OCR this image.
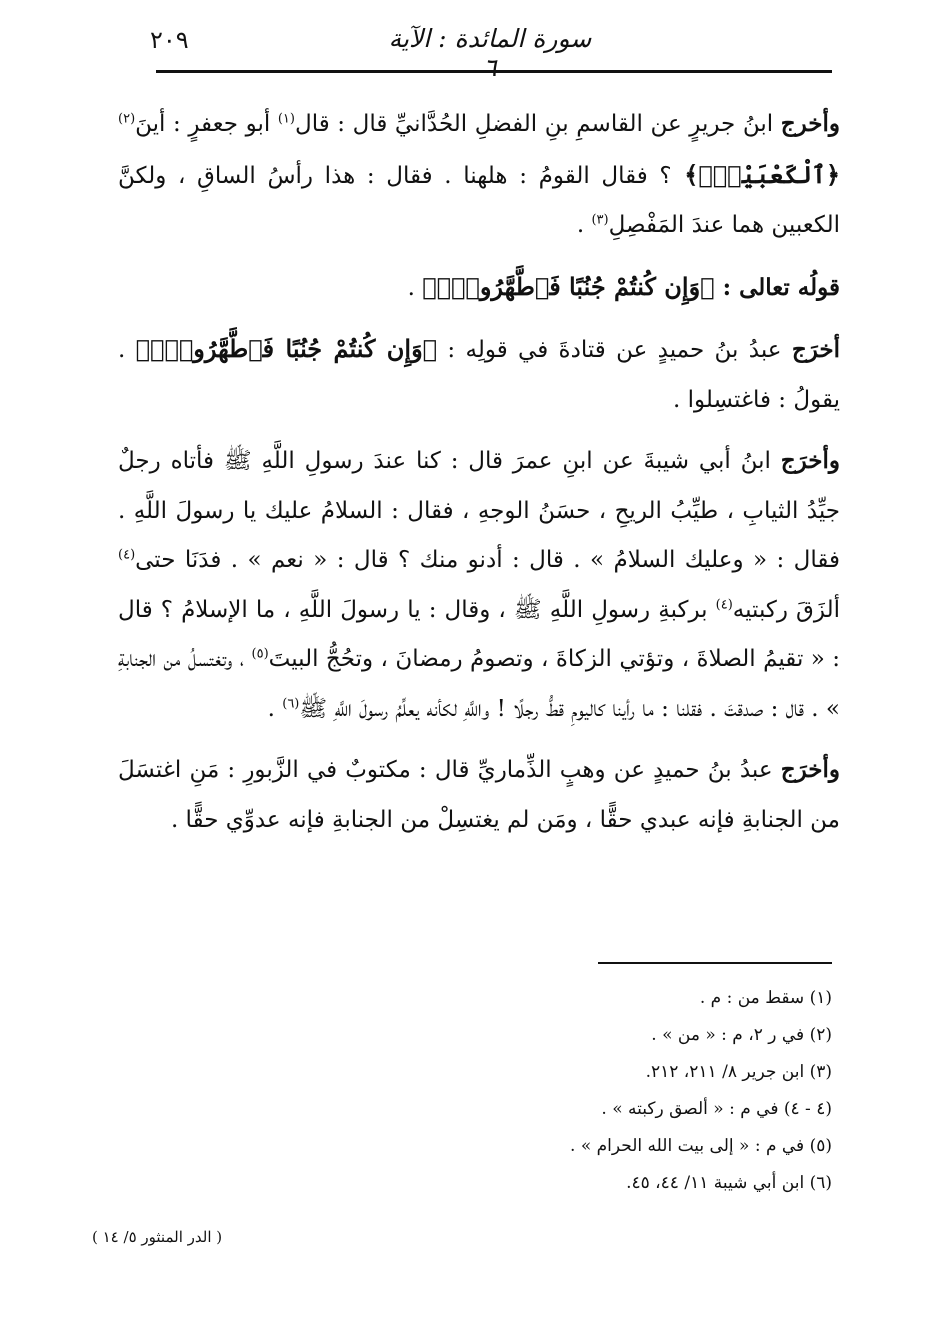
سورة المائدة : الآية ٦
٢٠٩

وأخرج ابنُ جريرٍ عن القاسمِ بنِ الفضلِ الحُدَّانيِّ قال : قال$^{(١)}$ أبو جعفرٍ : أينَ$^{(٢)}$ ﴿ٱلْكَعْبَيْنِۚ﴾ ؟ فقال القومُ : هلهنا . فقال : هذا رأسُ الساقِ ، ولكنَّ الكعبين هما عندَ المَفْصِلِ$^{(٣)}$ .

قولُه تعالى : ﴿وَإِن كُنتُمْ جُنُبًا فَٱطَّهَّرُوا۟ۚ﴾ .

أخرَج عبدُ بنُ حميدٍ عن قتادةَ في قولِه : ﴿وَإِن كُنتُمْ جُنُبًا فَٱطَّهَّرُوا۟ۚ﴾ . يقولُ : فاغتسِلوا .

وأخرَج ابنُ أبي شيبةَ عن ابنِ عمرَ قال : كنا عندَ رسولِ اللَّهِ ﷺ فأتاه رجلٌ جيِّدُ الثيابِ ، طيِّبُ الريحِ ، حسَنُ الوجهِ ، فقال : السلامُ عليك يا رسولَ اللَّهِ . فقال : « وعليك السلامُ » . قال : أدنو منك ؟ قال : « نعم » . فدَنَا حتى$^{(٤)}$ ألزَقَ ركبتيه$^{(٤)}$ بركبةِ رسولِ اللَّهِ ﷺ ، وقال : يا رسولَ اللَّهِ ، ما الإسلامُ ؟ قال : « تقيمُ الصلاةَ ، وتؤتي الزكاةَ ، وتصومُ رمضانَ ، وتحُجُّ البيتَ$^{(٥)}$ ، وتغتسلُ من الجنابةِ » . قال : صدقتَ . فقلنا : ما رأينا كاليومِ قطُّ رجلًا ! واللَّهِ لكأنه يعلِّمُ رسولَ اللَّهِ ﷺ$^{(٦)}$ .

وأخرَج عبدُ بنُ حميدٍ عن وهبٍ الذِّماريِّ قال : مكتوبٌ في الزَّبورِ : مَنِ اغتسَلَ من الجنابةِ فإنه عبدي حقًّا ، ومَن لم يغتسِلْ من الجنابةِ فإنه عدوِّي حقًّا .

(١) سقط من : م .
(٢) في ر ٢، م : « من » .
(٣) ابن جرير ٨/ ٢١١، ٢١٢.
(٤ - ٤) في م : « ألصق ركبته » .
(٥) في م : « إلى بيت الله الحرام » .
(٦) ابن أبي شيبة ١١/ ٤٤، ٤٥.
( الدر المنثور ٥/ ١٤ )
